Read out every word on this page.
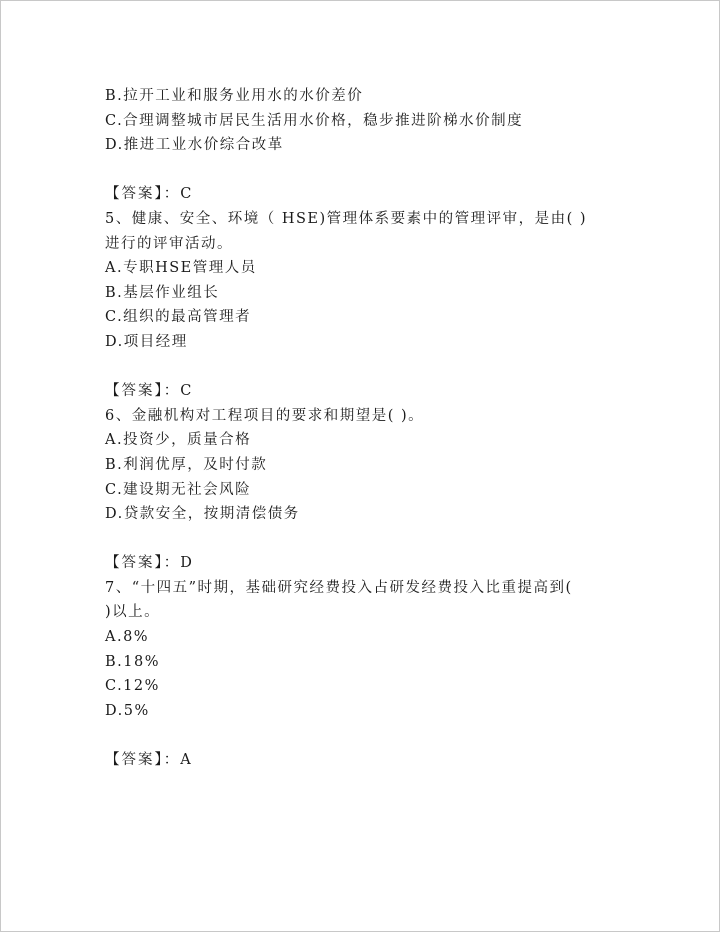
B.拉开工业和服务业用水的水价差价
C.合理调整城市居民生活用水价格，稳步推进阶梯水价制度
D.推进工业水价综合改革
【答案】：C
5、健康、安全、环境（ HSE)管理体系要素中的管理评审，是由( )
进行的评审活动。
A.专职HSE管理人员
B.基层作业组长
C.组织的最高管理者
D.项目经理
【答案】：C
6、金融机构对工程项目的要求和期望是( )。
A.投资少，质量合格
B.利润优厚，及时付款
C.建设期无社会风险
D.贷款安全，按期清偿债务
【答案】：D
7、“十四五”时期，基础研究经费投入占研发经费投入比重提高到(
)以上。
A.8%
B.18%
C.12%
D.5%
【答案】：A
